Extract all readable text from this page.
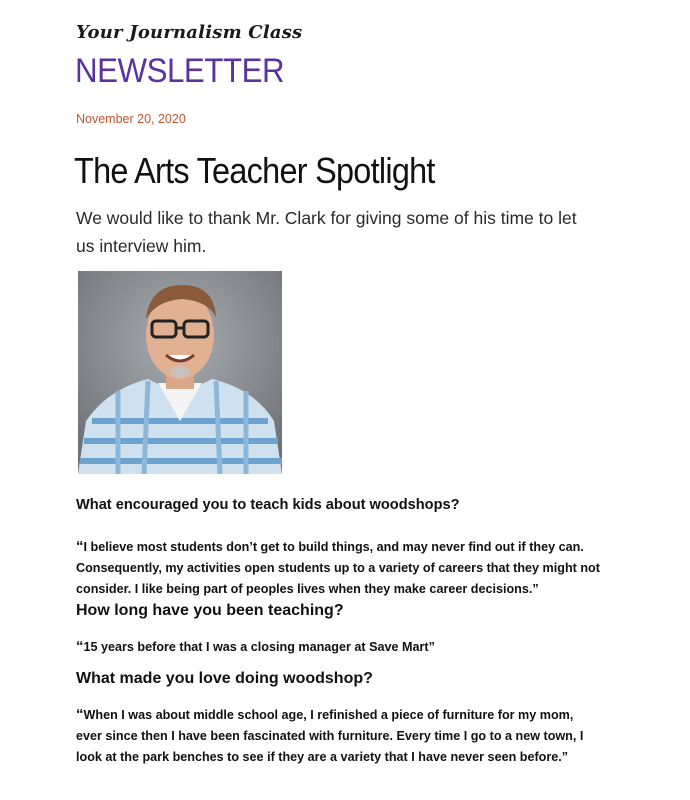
Your Journalism Class
NEWSLETTER
November 20, 2020
The Arts Teacher Spotlight
We would like to thank Mr. Clark for giving some of his time to let us interview him.
What encouraged you to teach kids about woodshops?
“I believe most students don’t get to build things, and may never find out if they can.
Consequently, my activities open students up to a variety of careers that they might not
consider. I like being part of peoples lives when they make career decisions.”
How long have you been teaching?
“15 years before that I was a closing manager at Save Mart”
What made you love doing woodshop?
“When I was about middle school age, I refinished a piece of furniture for my mom,
ever since then I have been fascinated with furniture. Every time I go to a new town, I
look at the park benches to see if they are a variety that I have never seen before.”
